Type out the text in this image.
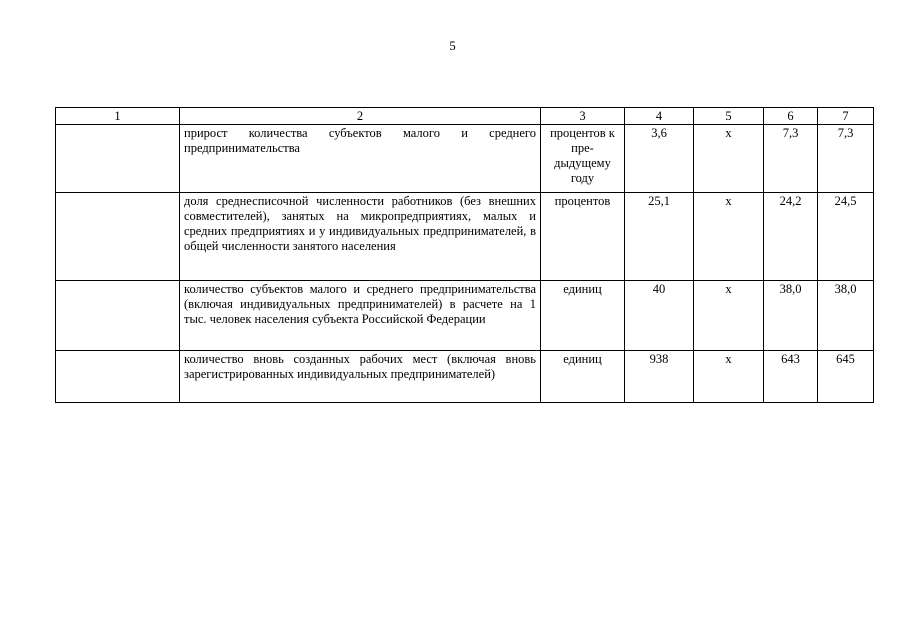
5
1	2	3	4	5	6	7
	прирост количества субъектов малого и среднего предпринимательства	процентов к пре-дыдущему году	3,6	х	7,3	7,3
	доля среднесписочной численности работников (без внешних совместителей), занятых на микропредприятиях, малых и средних предприятиях и у индивидуальных предпринимателей, в общей численности занятого населения	процентов	25,1	х	24,2	24,5
	количество субъектов малого и среднего предпринимательства (включая индивидуальных предпринимателей) в расчете на 1 тыс. человек населения субъекта Российской Федерации	единиц	40	х	38,0	38,0
	количество вновь созданных рабочих мест (включая вновь зарегистрированных индивидуальных предпринимателей)	единиц	938	х	643	645
